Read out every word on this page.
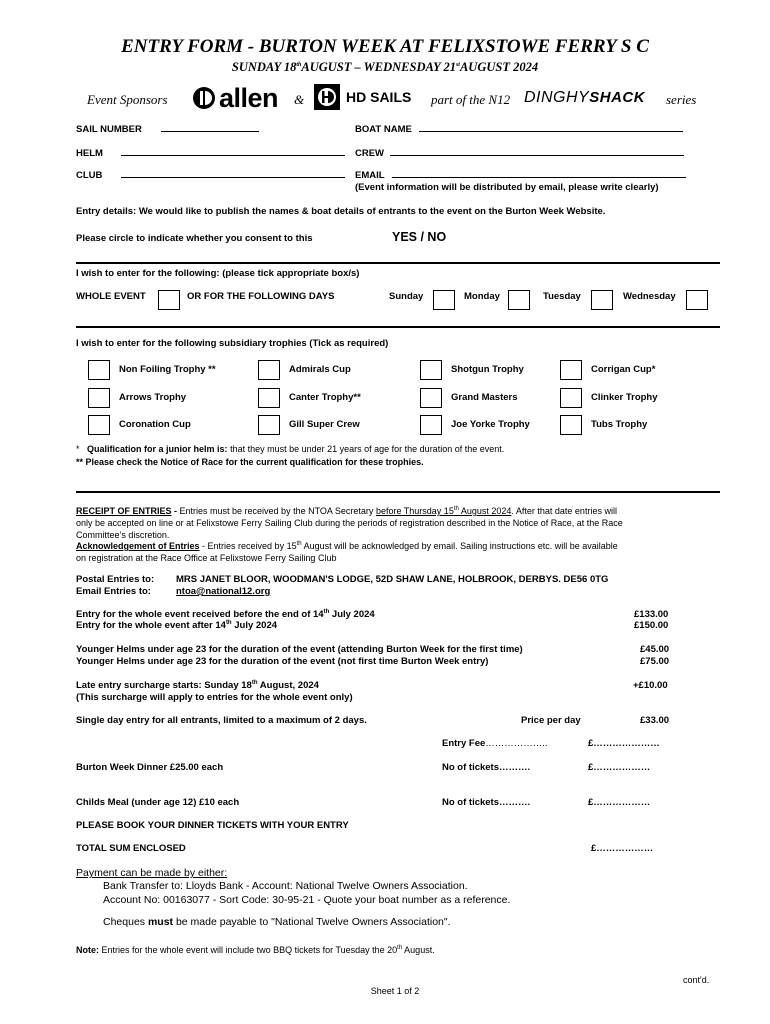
ENTRY FORM - BURTON WEEK AT FELIXSTOWE FERRY S C
SUNDAY 18thAUGUST – WEDNESDAY 21stAUGUST 2024
Event Sponsors allen &	HD SAILS part of the N12 DINGHYSHACK series
SAIL NUMBER	BOAT NAME
HELM	CREW
CLUB	EMAIL
(Event information will be distributed by email, please write clearly)
Entry details: We would like to publish the names & boat details of entrants to the event on the Burton Week Website.
Please circle to indicate whether you consent to this	YES / NO
I wish to enter for the following: (please tick appropriate box/s)
WHOLE EVENT	OR FOR THE FOLLOWING DAYS	Sunday	Monday	Tuesday	Wednesday
I wish to enter for the following subsidiary trophies (Tick as required)
Non Foiling Trophy **	Admirals Cup	Shotgun Trophy	Corrigan Cup*
Arrows Trophy	Canter Trophy**	Grand Masters	Clinker Trophy
Coronation Cup	Gill Super Crew	Joe Yorke Trophy	Tubs Trophy
* Qualification for a junior helm is: that they must be under 21 years of age for the duration of the event.
** Please check the Notice of Race for the current qualification for these trophies.
RECEIPT OF ENTRIES - Entries must be received by the NTOA Secretary before Thursday 15th August 2024. After that date entries will
only be accepted on line or at Felixstowe Ferry Sailing Club during the periods of registration described in the Notice of Race, at the Race
Committee’s discretion.
Acknowledgement of Entries - Entries received by 15th August will be acknowledged by email. Sailing instructions etc. will be available
on registration at the Race Office at Felixstowe Ferry Sailing Club
Postal Entries to: MRS JANET BLOOR, WOODMAN'S LODGE, 52D SHAW LANE, HOLBROOK, DERBYS. DE56 0TG
Email Entries to:	ntoa@national12.org
Entry for the whole event received before the end of 14th July 2024	£133.00
Entry for the whole event after 14th July 2024	£150.00
Younger Helms under age 23 for the duration of the event (attending Burton Week for the first time)	£45.00
Younger Helms under age 23 for the duration of the event (not first time Burton Week entry)	£75.00
Late entry surcharge starts: Sunday 18th August, 2024	+£10.00
(This surcharge will apply to entries for the whole event only)
Single day entry for all entrants, limited to a maximum of 2 days.	Price per day	£33.00
Entry Fee………………..	£…………………
Burton Week Dinner £25.00 each	No of tickets……….	£………………
Childs Meal (under age 12) £10 each	No of tickets……….	£………………
PLEASE BOOK YOUR DINNER TICKETS WITH YOUR ENTRY
TOTAL SUM ENCLOSED	£………………
Payment can be made by either:
Bank Transfer to: Lloyds Bank - Account: National Twelve Owners Association.
Account No: 00163077 - Sort Code: 30-95-21 - Quote your boat number as a reference.
Cheques must be made payable to "National Twelve Owners Association".
Note: Entries for the whole event will include two BBQ tickets for Tuesday the 20th August.
cont'd.
Sheet 1 of 2
